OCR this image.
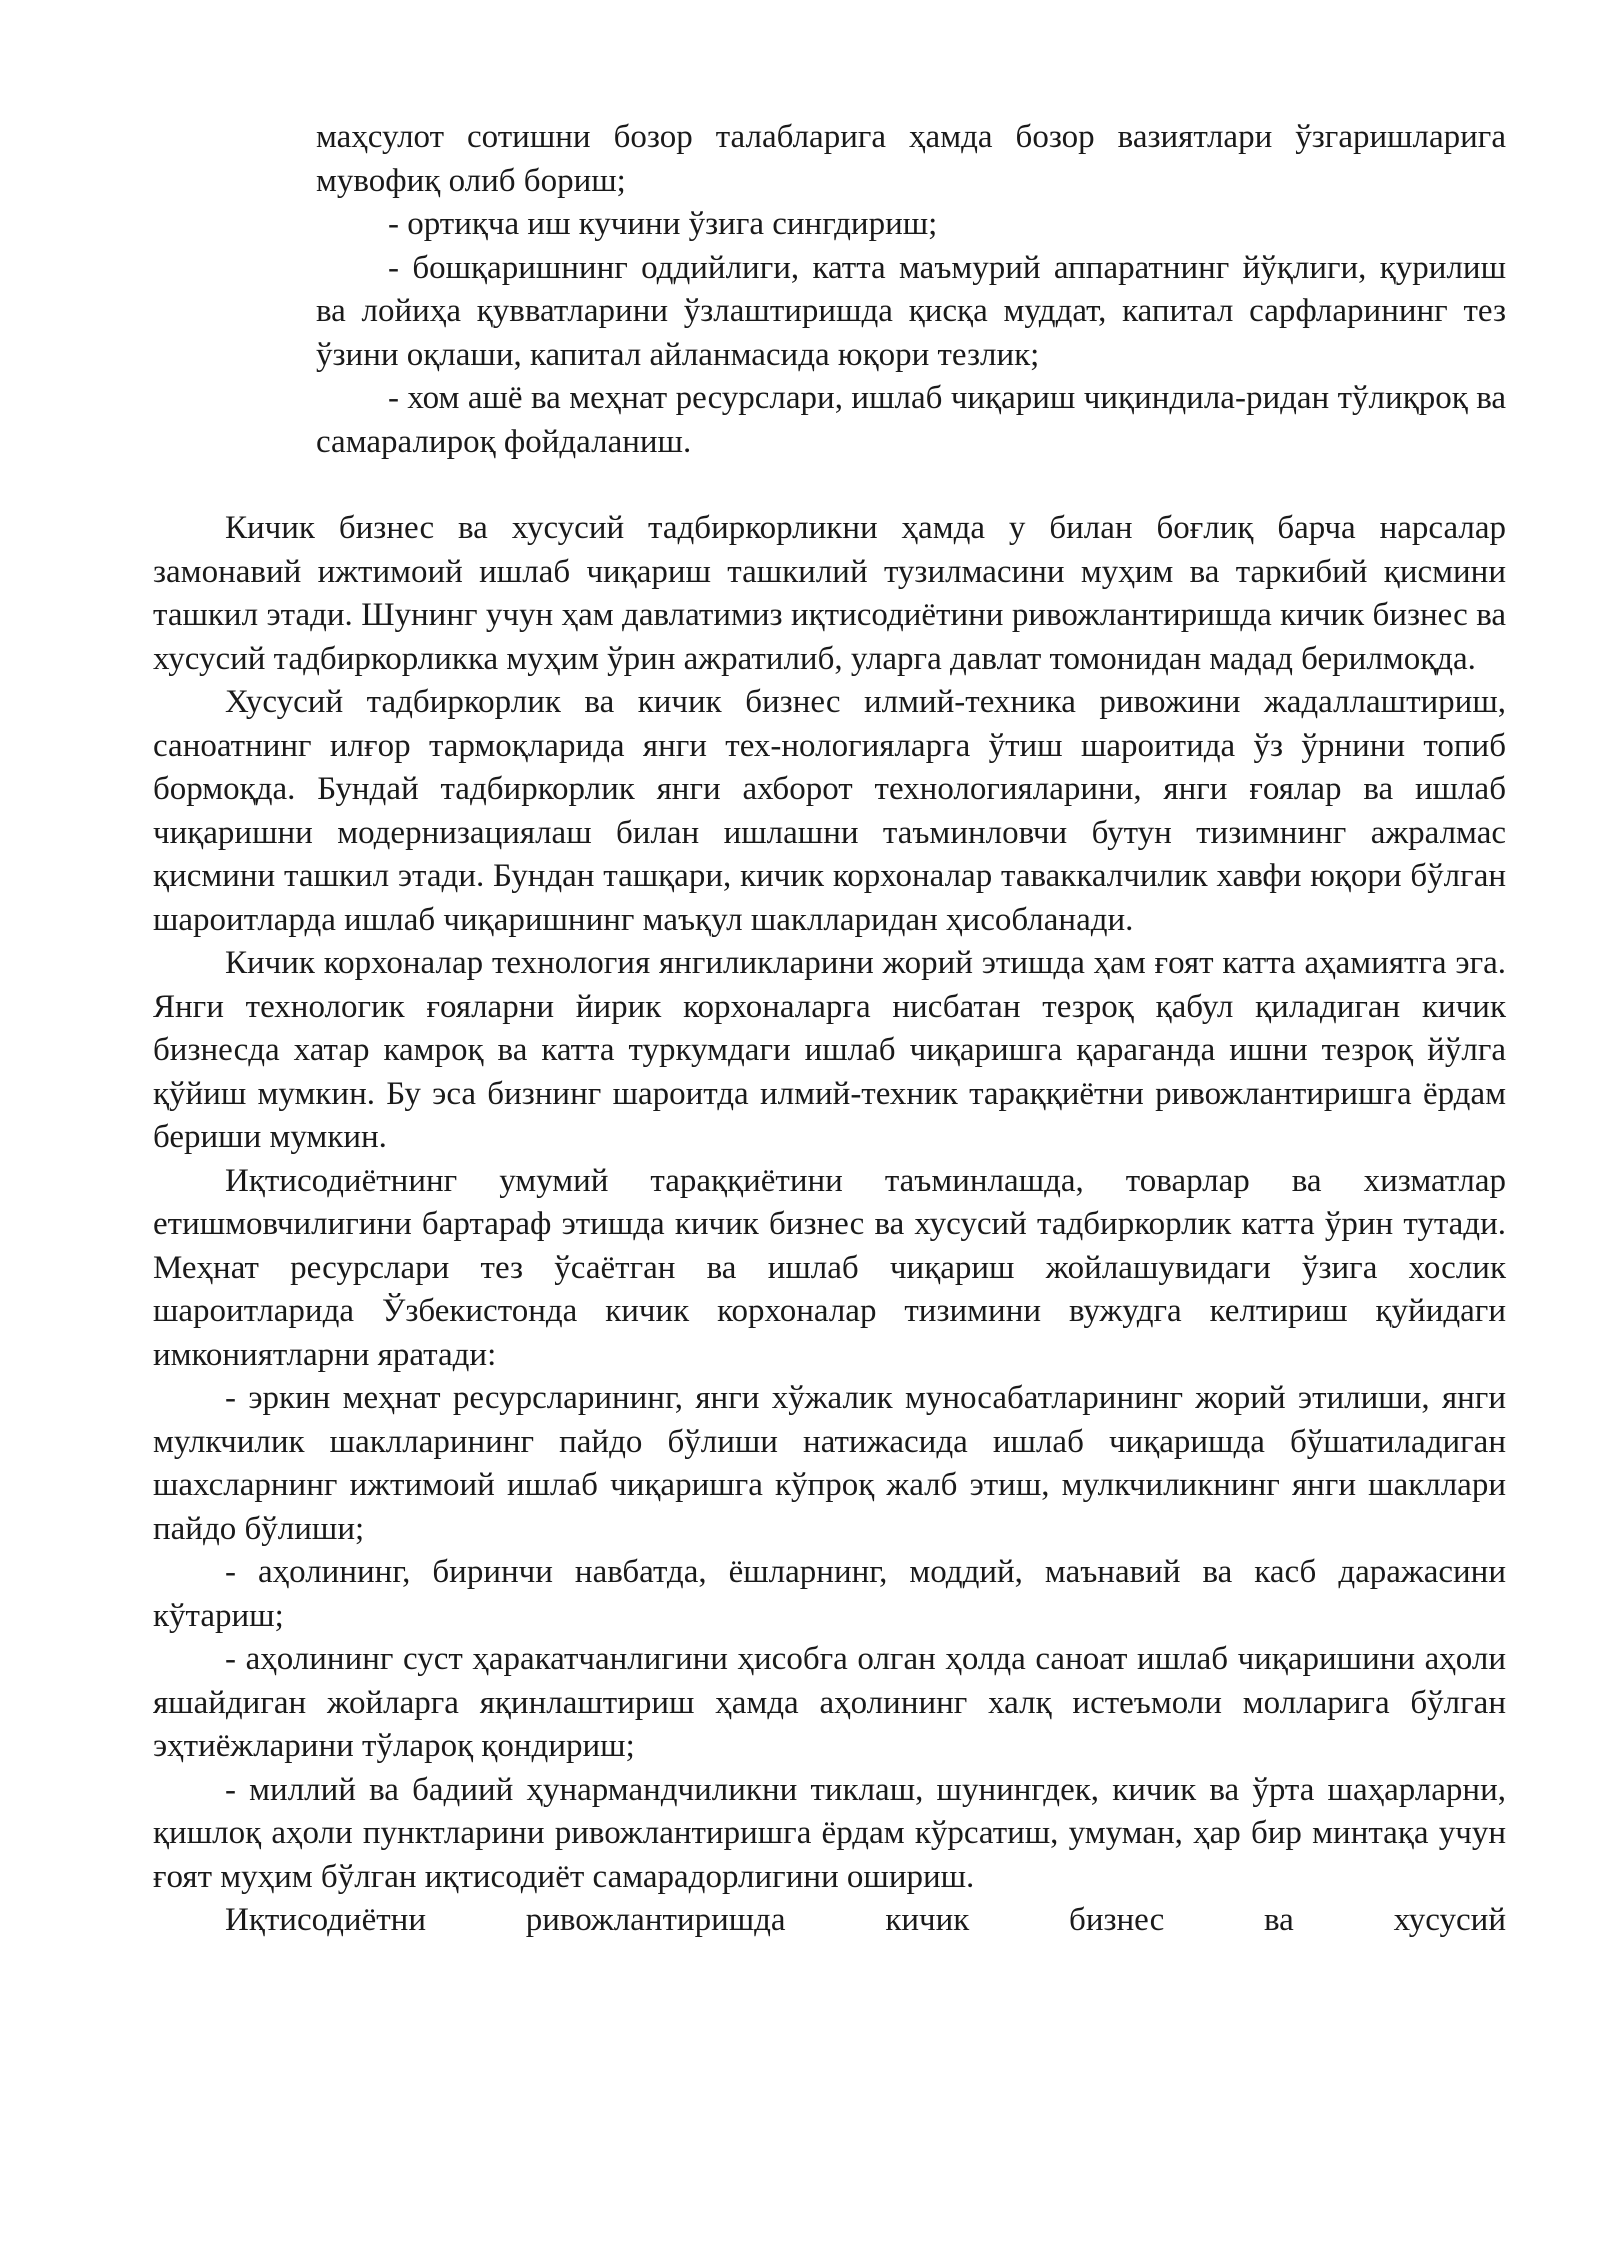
маҳсулот сотишни бозор талабларига ҳамда бозор вазиятлари ўзгаришларига мувофиқ олиб бориш;

- ортиқча иш кучини ўзига сингдириш;

- бошқаришнинг оддийлиги, катта маъмурий аппаратнинг йўқлиги, қурилиш ва лойиҳа қувватларини ўзлаштиришда қисқа муддат, капитал сарфларининг тез ўзини оқлаши, капитал айланмасида юқори тезлик;

- хом ашё ва меҳнат ресурслари, ишлаб чиқариш чиқиндила-ридан тўлиқроқ ва самаралироқ фойдаланиш.

Кичик бизнес ва хусусий тадбиркорликни ҳамда у билан боғлиқ барча нарсалар замонавий ижтимоий ишлаб чиқариш ташкилий тузилмасини муҳим ва таркибий қисмини ташкил этади. Шунинг учун ҳам давлатимиз иқтисодиётини ривожлантиришда кичик бизнес ва хусусий тадбиркорликка муҳим ўрин ажратилиб, уларга давлат томонидан мадад берилмоқда.

Хусусий тадбиркорлик ва кичик бизнес илмий-техника ривожини жадаллаштириш, саноатнинг илғор тармоқларида янги тех-нологияларга ўтиш шароитида ўз ўрнини топиб бормоқда. Бундай тадбиркорлик янги ахборот технологияларини, янги ғоялар ва ишлаб чиқаришни модернизациялаш билан ишлашни таъминловчи бутун тизимнинг ажралмас қисмини ташкил этади. Бундан ташқари, кичик корхоналар таваккалчилик хавфи юқори бўлган шароитларда ишлаб чиқаришнинг маъқул шаклларидан ҳисобланади.

Кичик корхоналар технология янгиликларини жорий этишда ҳам ғоят катта аҳамиятга эга. Янги технологик ғояларни йирик корхоналарга нисбатан тезроқ қабул қиладиган кичик бизнесда хатар камроқ ва катта туркумдаги ишлаб чиқаришга қараганда ишни тезроқ йўлга қўйиш мумкин. Бу эса бизнинг шароитда илмий-техник тараққиётни ривожлантиришга ёрдам бериши мумкин.

Иқтисодиётнинг умумий тараққиётини таъминлашда, товарлар ва хизматлар етишмовчилигини бартараф этишда кичик бизнес ва хусусий тадбиркорлик катта ўрин тутади. Меҳнат ресурслари тез ўсаётган ва ишлаб чиқариш жойлашувидаги ўзига хослик шароитларида Ўзбекистонда кичик корхоналар тизимини вужудга келтириш қуйидаги имкониятларни яратади:

- эркин меҳнат ресурсларининг, янги хўжалик муносабатларининг жорий этилиши, янги мулкчилик шаклларининг пайдо бўлиши натижасида ишлаб чиқаришда бўшатиладиган шахсларнинг ижтимоий ишлаб чиқаришга кўпроқ жалб этиш, мулкчиликнинг янги шакллари пайдо бўлиши;

- аҳолининг, биринчи навбатда, ёшларнинг, моддий, маънавий ва касб даражасини кўтариш;

- аҳолининг суст ҳаракатчанлигини ҳисобга олган ҳолда саноат ишлаб чиқаришини аҳоли яшайдиган жойларга яқинлаштириш ҳамда аҳолининг халқ истеъмоли молларига бўлган эҳтиёжларини тўлароқ қондириш;

- миллий ва бадиий ҳунармандчиликни тиклаш, шунингдек, кичик ва ўрта шаҳарларни, қишлоқ аҳоли пунктларини ривожлантиришга ёрдам кўрсатиш, умуман, ҳар бир минтақа учун ғоят муҳим бўлган иқтисодиёт самарадорлигини ошириш.

Иқтисодиётни ривожлантиришда кичик бизнес ва хусусий
